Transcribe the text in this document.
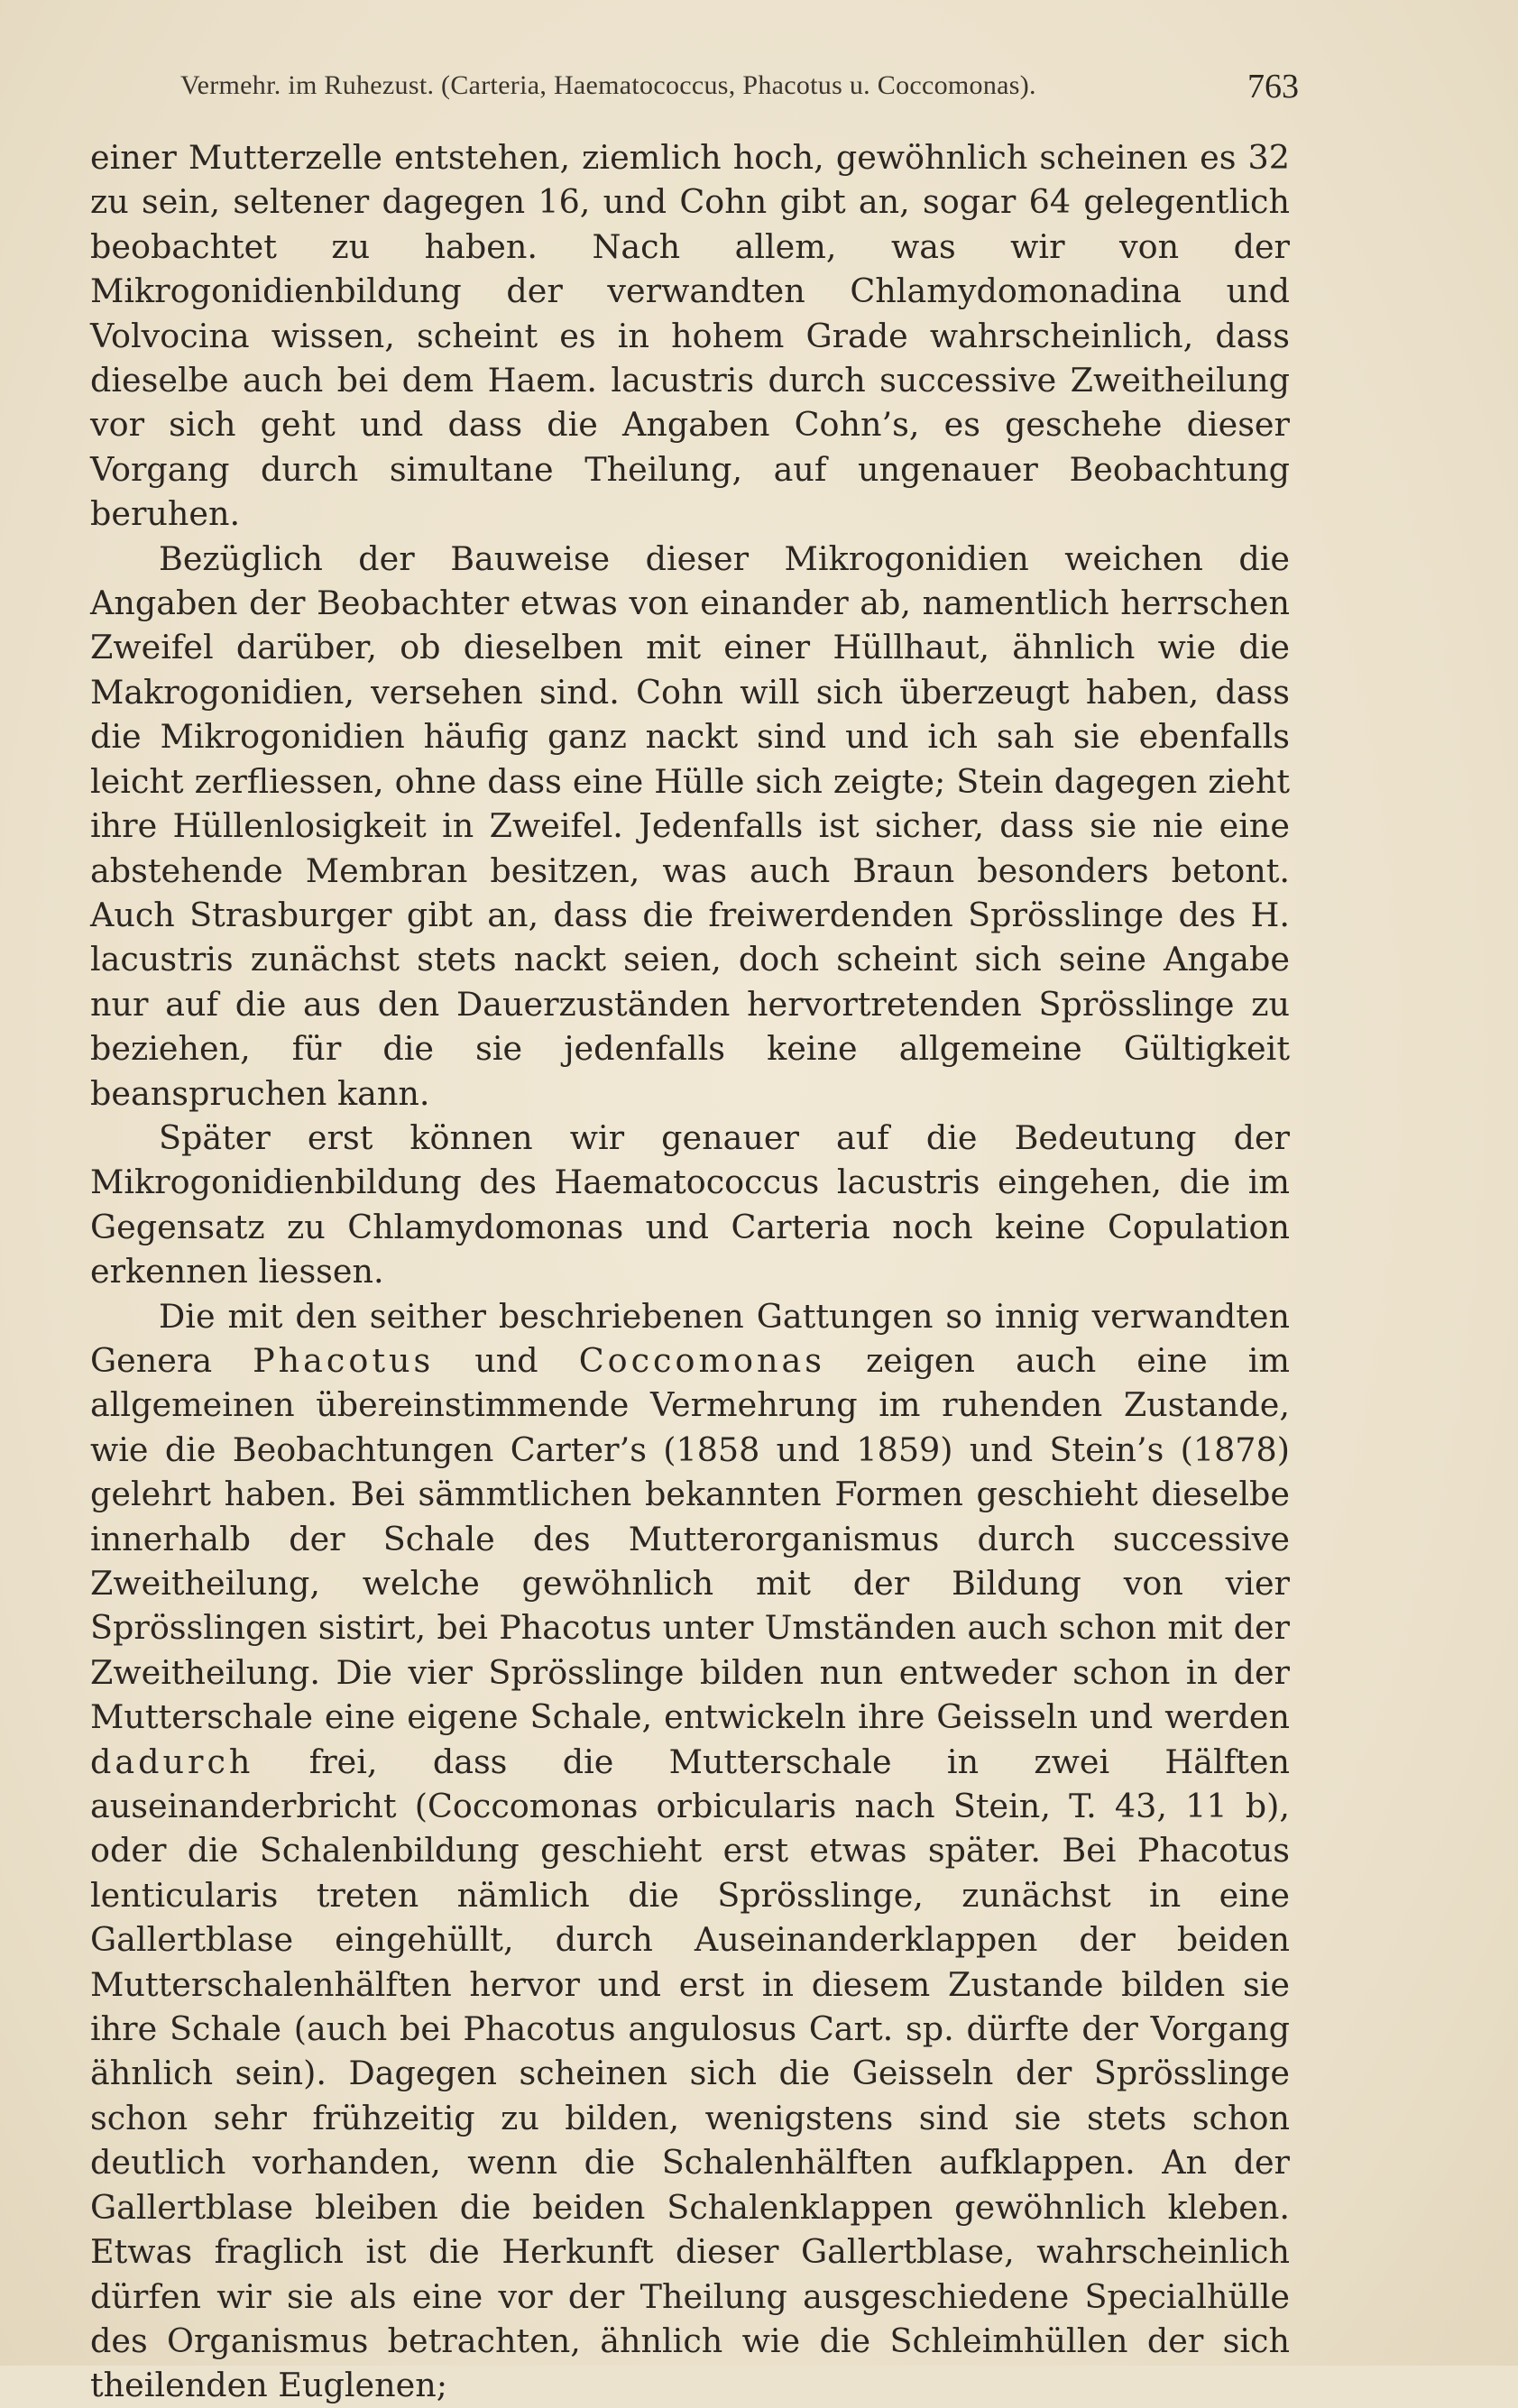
Vermehr. im Ruhezust. (Carteria, Haematococcus, Phacotus u. Coccomonas).	763

einer Mutterzelle entstehen, ziemlich hoch, gewöhnlich scheinen es 32 zu sein, seltener dagegen 16, und Cohn gibt an, sogar 64 gelegentlich beobachtet zu haben. Nach allem, was wir von der Mikrogonidienbildung der verwandten Chlamydomonadina und Volvocina wissen, scheint es in hohem Grade wahrscheinlich, dass dieselbe auch bei dem Haem. lacustris durch successive Zweitheilung vor sich geht und dass die Angaben Cohn’s, es geschehe dieser Vorgang durch simultane Theilung, auf ungenauer Beobachtung beruhen.

Bezüglich der Bauweise dieser Mikrogonidien weichen die Angaben der Beobachter etwas von einander ab, namentlich herrschen Zweifel darüber, ob dieselben mit einer Hüllhaut, ähnlich wie die Makrogonidien, versehen sind. Cohn will sich überzeugt haben, dass die Mikrogonidien häufig ganz nackt sind und ich sah sie ebenfalls leicht zerfliessen, ohne dass eine Hülle sich zeigte; Stein dagegen zieht ihre Hüllenlosigkeit in Zweifel. Jedenfalls ist sicher, dass sie nie eine abstehende Membran besitzen, was auch Braun besonders betont. Auch Strasburger gibt an, dass die freiwerdenden Sprösslinge des H. lacustris zunächst stets nackt seien, doch scheint sich seine Angabe nur auf die aus den Dauerzuständen hervortretenden Sprösslinge zu beziehen, für die sie jedenfalls keine allgemeine Gültigkeit beanspruchen kann.

Später erst können wir genauer auf die Bedeutung der Mikrogonidienbildung des Haematococcus lacustris eingehen, die im Gegensatz zu Chlamydomonas und Carteria noch keine Copulation erkennen liessen.

Die mit den seither beschriebenen Gattungen so innig verwandten Genera Phacotus und Coccomonas zeigen auch eine im allgemeinen übereinstimmende Vermehrung im ruhenden Zustande, wie die Beobachtungen Carter’s (1858 und 1859) und Stein’s (1878) gelehrt haben. Bei sämmtlichen bekannten Formen geschieht dieselbe innerhalb der Schale des Mutterorganismus durch successive Zweitheilung, welche gewöhnlich mit der Bildung von vier Sprösslingen sistirt, bei Phacotus unter Umständen auch schon mit der Zweitheilung. Die vier Sprösslinge bilden nun entweder schon in der Mutterschale eine eigene Schale, entwickeln ihre Geisseln und werden dadurch frei, dass die Mutterschale in zwei Hälften auseinanderbricht (Coccomonas orbicularis nach Stein, T. 43, 11 b), oder die Schalenbildung geschieht erst etwas später. Bei Phacotus lenticularis treten nämlich die Sprösslinge, zunächst in eine Gallertblase eingehüllt, durch Auseinanderklappen der beiden Mutterschalenhälften hervor und erst in diesem Zustande bilden sie ihre Schale (auch bei Phacotus angulosus Cart. sp. dürfte der Vorgang ähnlich sein). Dagegen scheinen sich die Geisseln der Sprösslinge schon sehr frühzeitig zu bilden, wenigstens sind sie stets schon deutlich vorhanden, wenn die Schalenhälften aufklappen. An der Gallertblase bleiben die beiden Schalenklappen gewöhnlich kleben. Etwas fraglich ist die Herkunft dieser Gallertblase, wahrscheinlich dürfen wir sie als eine vor der Theilung ausgeschiedene Specialhülle des Organismus betrachten, ähnlich wie die Schleimhüllen der sich theilenden Euglenen;
